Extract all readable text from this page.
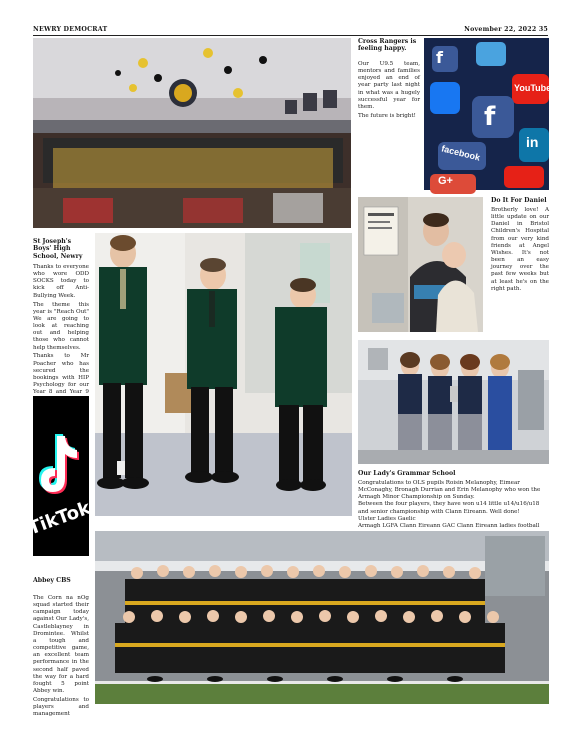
NEWRY DEMOCRAT	November 22, 2022 35
Cross Rangers is feeling happy.

Our U9.5 team, mentors and families enjoyed an end of year party last night in what was a hugely successful year for them.

The future is bright!

f
YouTube
f
facebook
G+
in
Do It For Daniel

Brotherly love! A little update on our Daniel in Bristol Children's Hospital from our very kind friends at Angel Wishes. It's not been an easy journey over the past few weeks but at least he's on the right path.

St Joseph's Boys' High School, Newry

Thanks to everyone who wore ODD SOCKS today to kick off Anti-Bullying Week.

The theme this year is "Reach Out" We are going to look at reaching out and helping those who cannot help themselves.

Thanks to Mr Poacher who has secured the bookings with HIP Psychology for our Year 8 and Year 9

TikTok
Our Lady's Grammar School

Congratulations to OLS pupils Roisin Melanophy, Eimear McConaghy, Bronagh Durrian and Erin Melanophy who won the Armagh Minor Championship on Sunday.

Between the four players, they have won u14 little u14/u16/u18 and senior championship with Clann Eireann. Well done!

Ulster Ladies Gaelic

Armagh LGFA Clann Eireann GAC Clann Eireann ladies football

Abbey CBS

The Corn na nOg squad started their campaign today against Our Lady's, Castleblayney in Dromintee. Whilst a tough and competitive game, an excellent team performance in the second half paved the way for a hard fought 5 point Abbey win.

Congratulations to players and management
